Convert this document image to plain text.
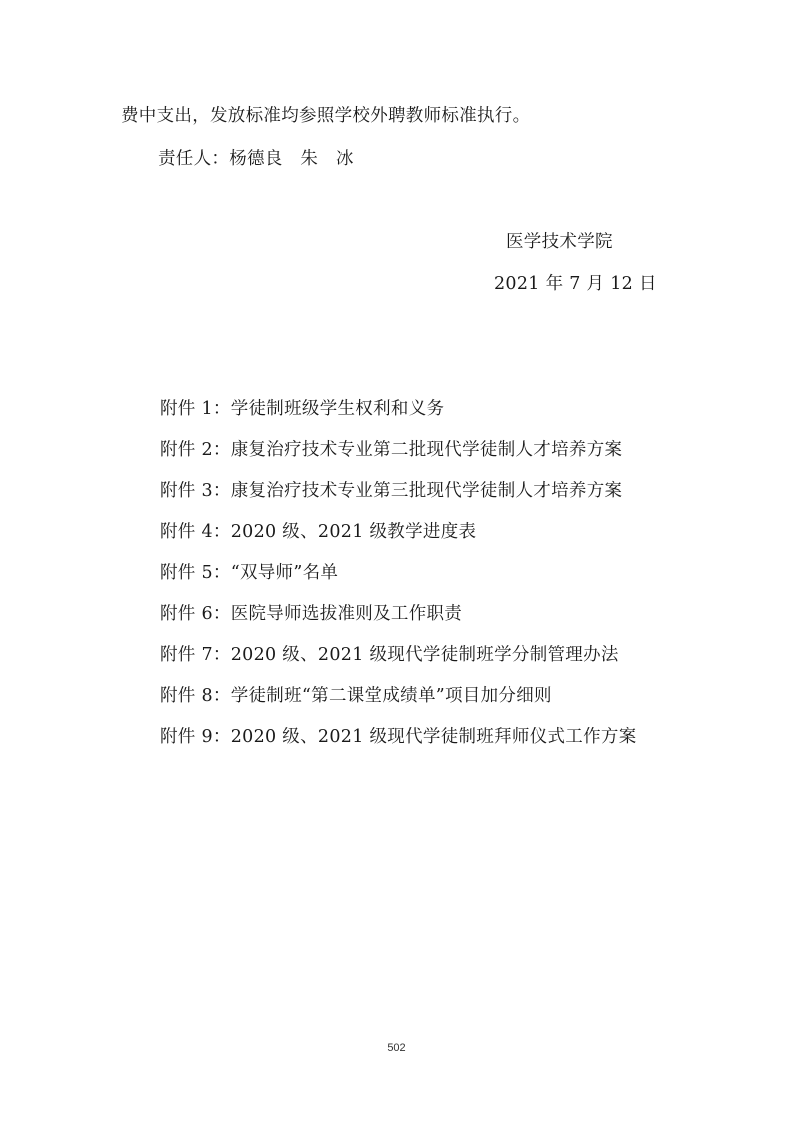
费中支出，发放标准均参照学校外聘教师标准执行。
责任人：杨德良　朱　冰
医学技术学院
2021 年 7 月 12 日
附件 1：学徒制班级学生权利和义务
附件 2：康复治疗技术专业第二批现代学徒制人才培养方案
附件 3：康复治疗技术专业第三批现代学徒制人才培养方案
附件 4：2020 级、2021 级教学进度表
附件 5：“双导师”名单
附件 6：医院导师选拔准则及工作职责
附件 7：2020 级、2021 级现代学徒制班学分制管理办法
附件 8：学徒制班“第二课堂成绩单”项目加分细则
附件 9：2020 级、2021 级现代学徒制班拜师仪式工作方案
502
